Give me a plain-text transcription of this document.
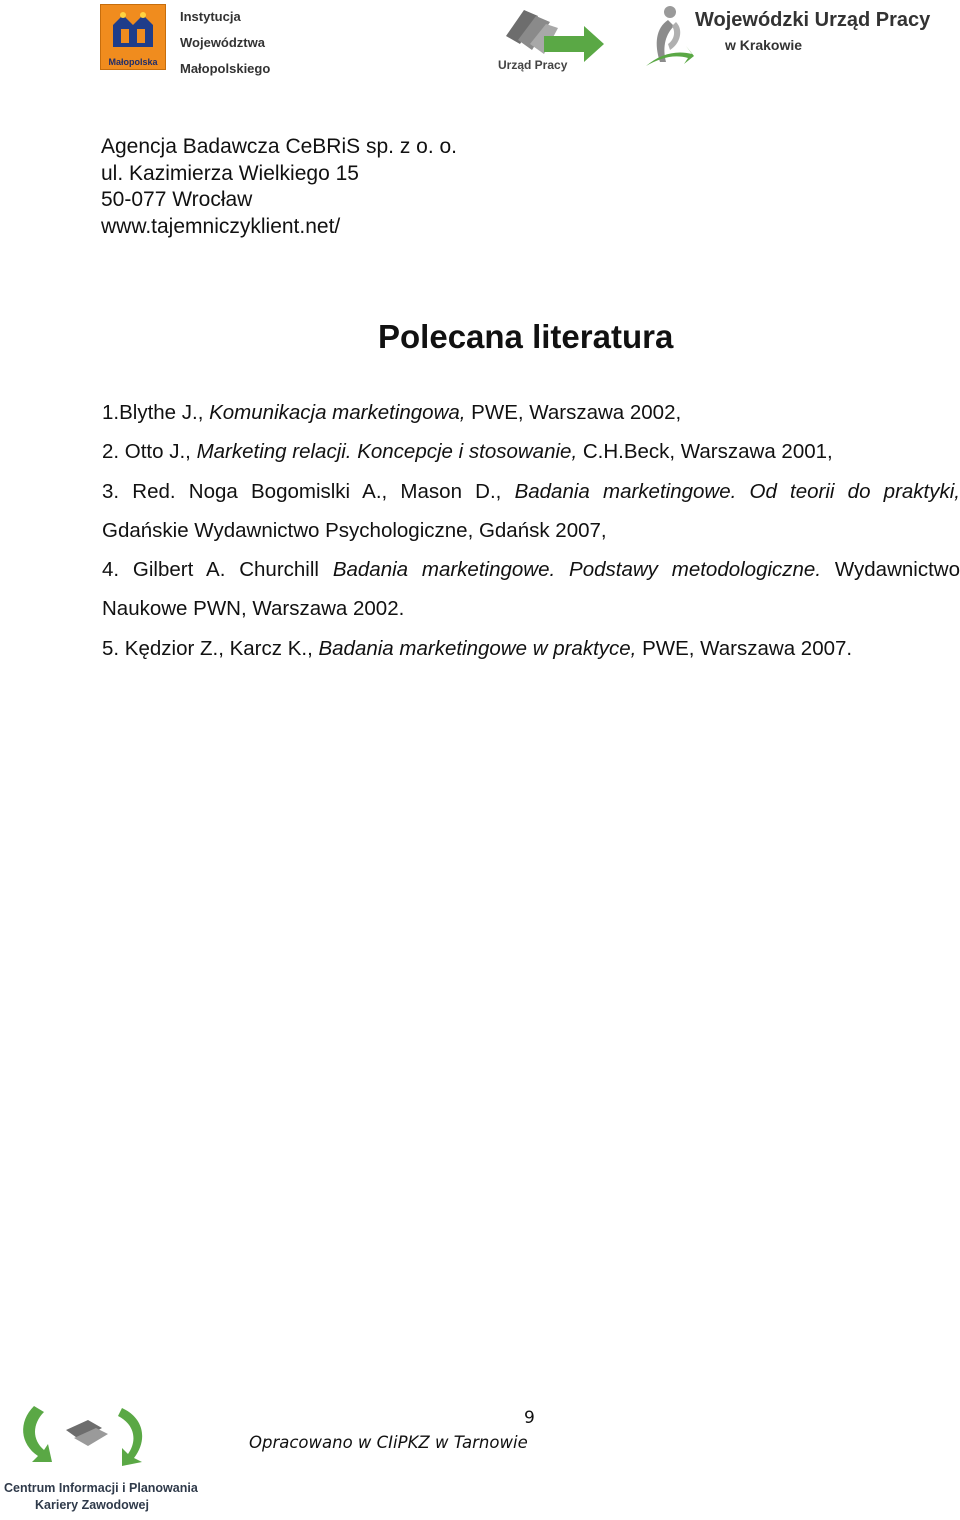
Małopolska
Instytucja
Województwa
Małopolskiego	Urząd Pracy
Wojewódzki Urząd Pracy
w Krakowie
Agencja Badawcza CeBRiS sp. z o. o.
ul. Kazimierza Wielkiego 15
50-077 Wrocław
www.tajemniczyklient.net/
Polecana literatura

1.Blythe J., Komunikacja marketingowa, PWE, Warszawa 2002,

2. Otto J., Marketing relacji. Koncepcje i stosowanie, C.H.Beck, Warszawa 2001,

3. Red. Noga Bogomislki A., Mason D., Badania marketingowe. Od teorii do praktyki, Gdańskie Wydawnictwo Psychologiczne, Gdańsk 2007,

4. Gilbert A. Churchill Badania marketingowe. Podstawy metodologiczne. Wydawnictwo Naukowe PWN, Warszawa 2002.

5. Kędzior Z., Karcz K., Badania marketingowe w praktyce, PWE, Warszawa 2007.

9
Opracowano w CIiPKZ w Tarnowie
Centrum Informacji i Planowania
Kariery Zawodowej
